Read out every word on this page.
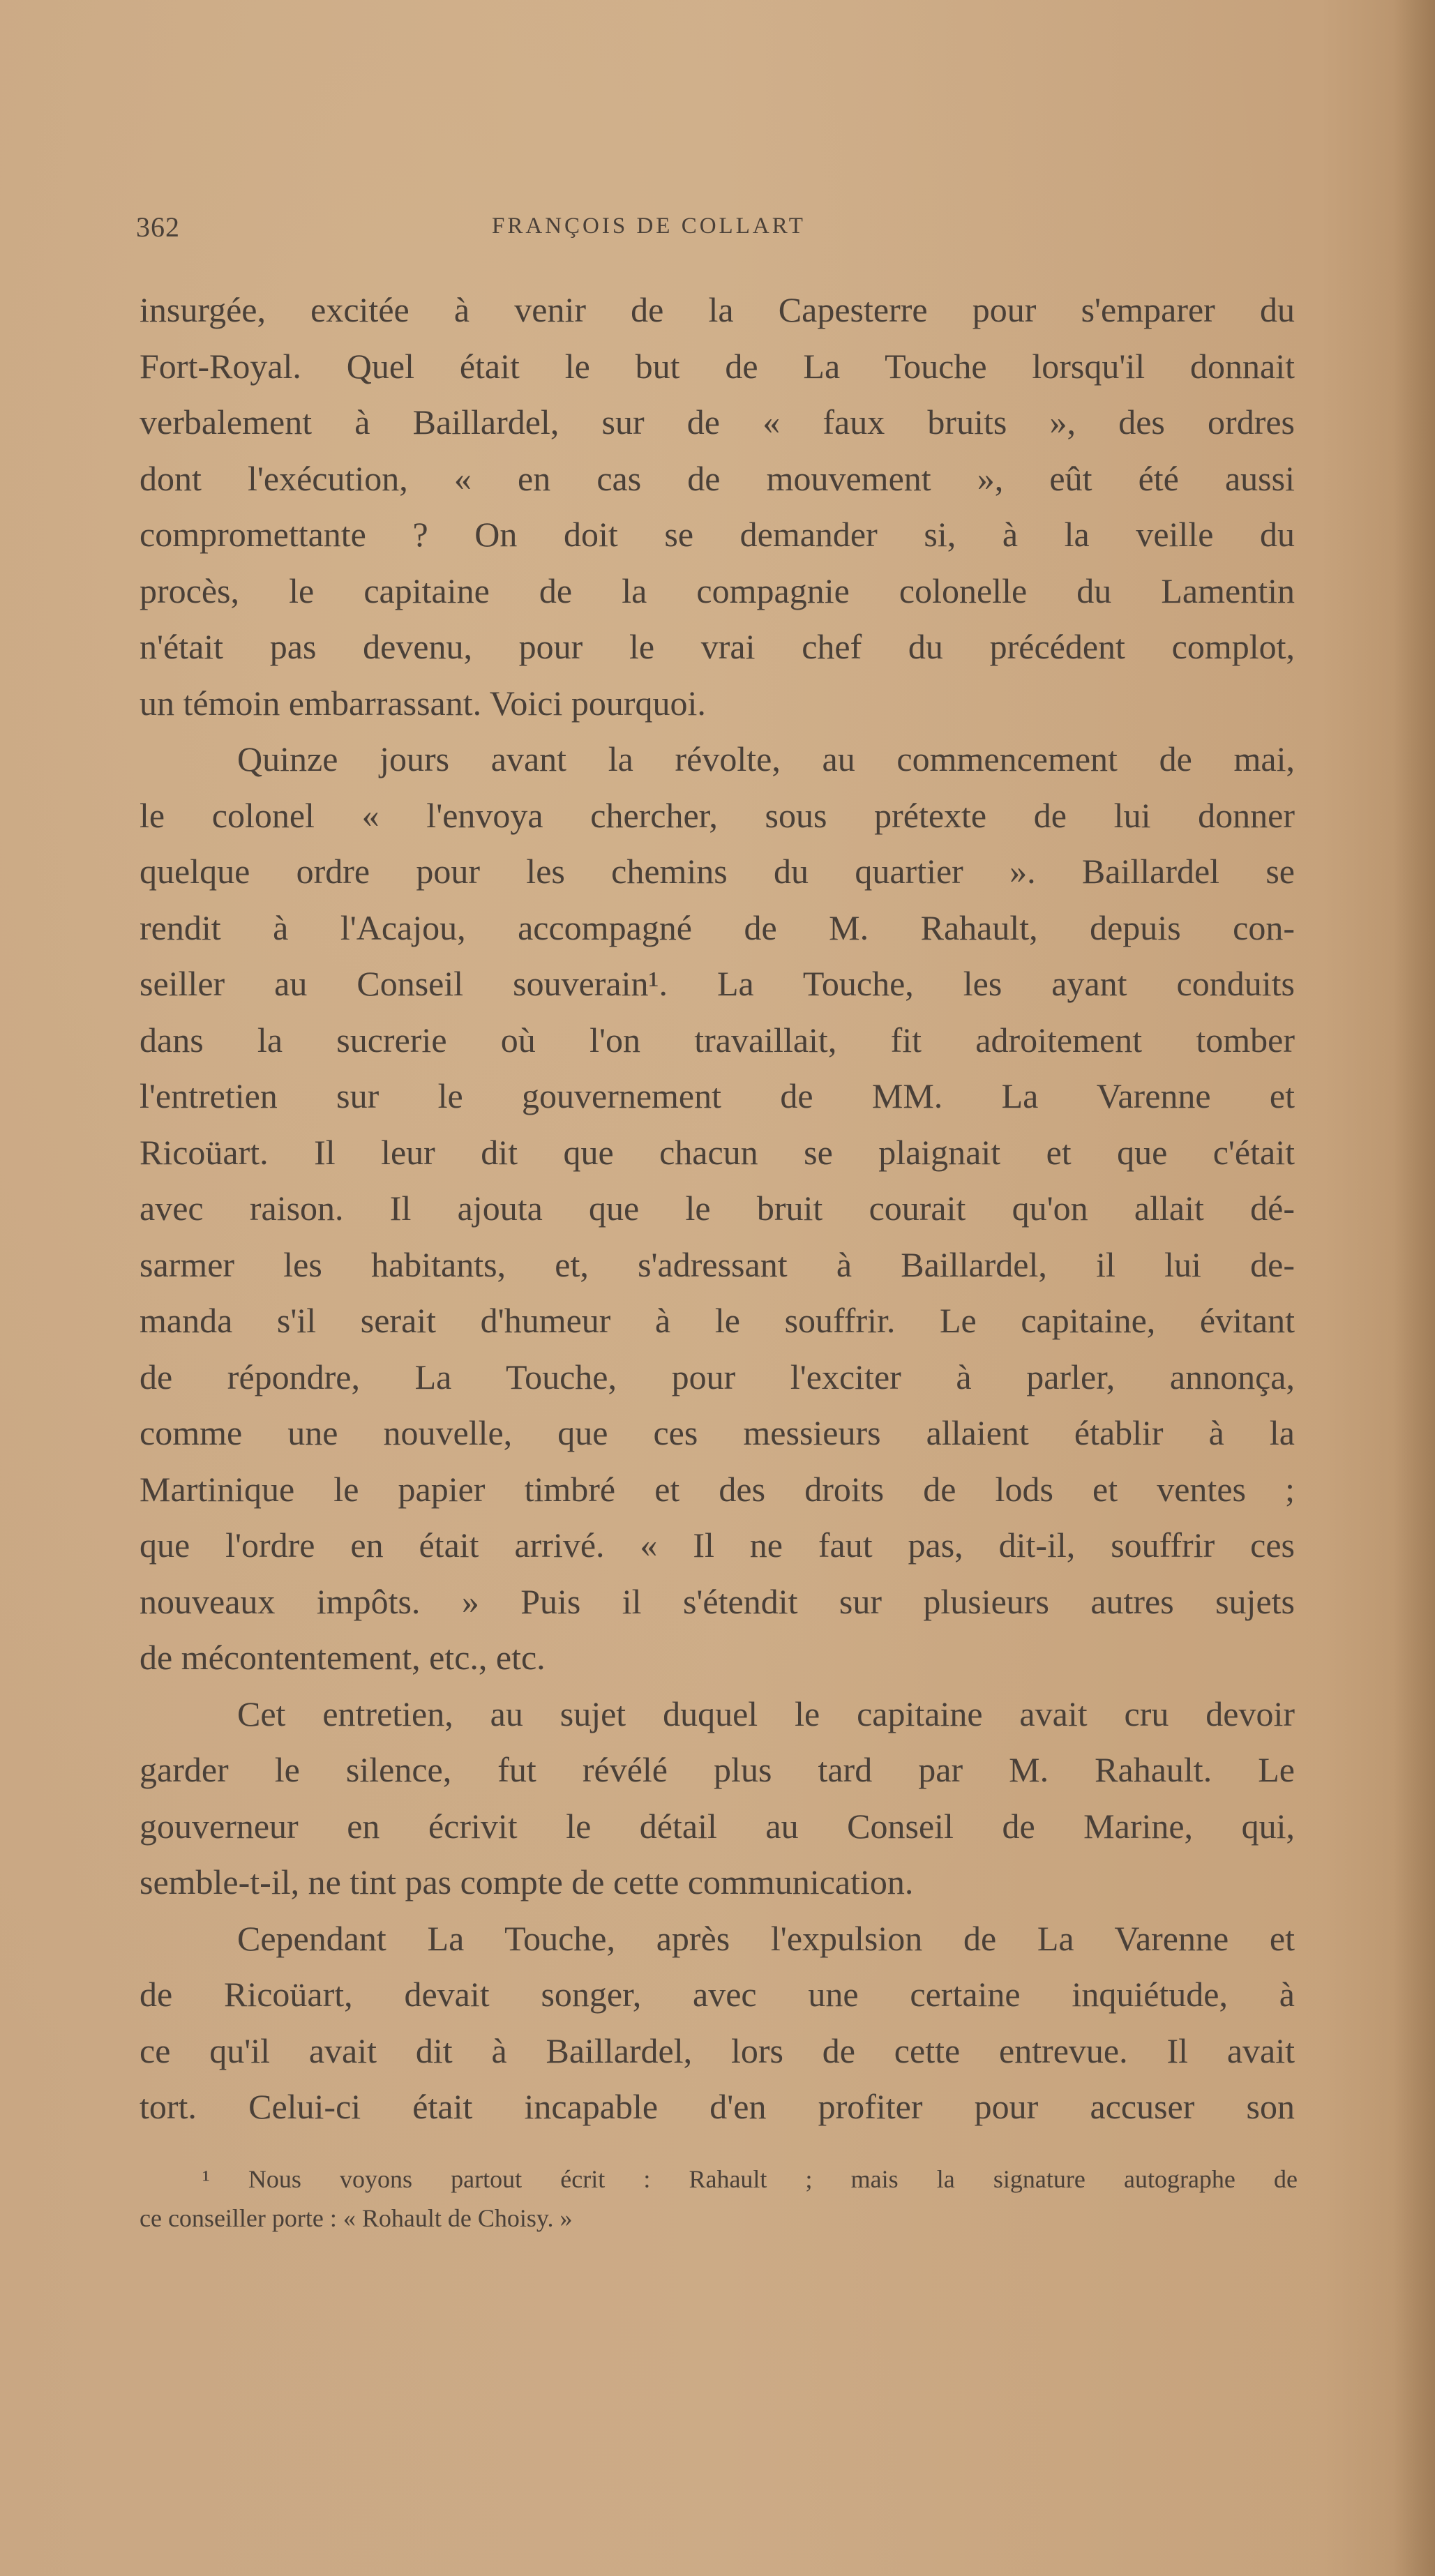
362	FRANÇOIS DE COLLART
insurgée, excitée à venir de la Capesterre pour s'emparer du
Fort-Royal. Quel était le but de La Touche lorsqu'il donnait
verbalement à Baillardel, sur de « faux bruits », des ordres
dont l'exécution, « en cas de mouvement », eût été aussi
compromettante ? On doit se demander si, à la veille du
procès, le capitaine de la compagnie colonelle du Lamentin
n'était pas devenu, pour le vrai chef du précédent complot,
un témoin embarrassant. Voici pourquoi.
Quinze jours avant la révolte, au commencement de mai,
le colonel « l'envoya chercher, sous prétexte de lui donner
quelque ordre pour les chemins du quartier ». Baillardel se
rendit à l'Acajou, accompagné de M. Rahault, depuis con-
seiller au Conseil souverain¹. La Touche, les ayant conduits
dans la sucrerie où l'on travaillait, fit adroitement tomber
l'entretien sur le gouvernement de MM. La Varenne et
Ricoüart. Il leur dit que chacun se plaignait et que c'était
avec raison. Il ajouta que le bruit courait qu'on allait dé-
sarmer les habitants, et, s'adressant à Baillardel, il lui de-
manda s'il serait d'humeur à le souffrir. Le capitaine, évitant
de répondre, La Touche, pour l'exciter à parler, annonça,
comme une nouvelle, que ces messieurs allaient établir à la
Martinique le papier timbré et des droits de lods et ventes ;
que l'ordre en était arrivé. « Il ne faut pas, dit-il, souffrir ces
nouveaux impôts. » Puis il s'étendit sur plusieurs autres sujets
de mécontentement, etc., etc.
Cet entretien, au sujet duquel le capitaine avait cru devoir
garder le silence, fut révélé plus tard par M. Rahault. Le
gouverneur en écrivit le détail au Conseil de Marine, qui,
semble-t-il, ne tint pas compte de cette communication.
Cependant La Touche, après l'expulsion de La Varenne et
de Ricoüart, devait songer, avec une certaine inquiétude, à
ce qu'il avait dit à Baillardel, lors de cette entrevue. Il avait
tort. Celui-ci était incapable d'en profiter pour accuser son
¹ Nous voyons partout écrit : Rahault ; mais la signature autographe de
ce conseiller porte : « Rohault de Choisy. »
